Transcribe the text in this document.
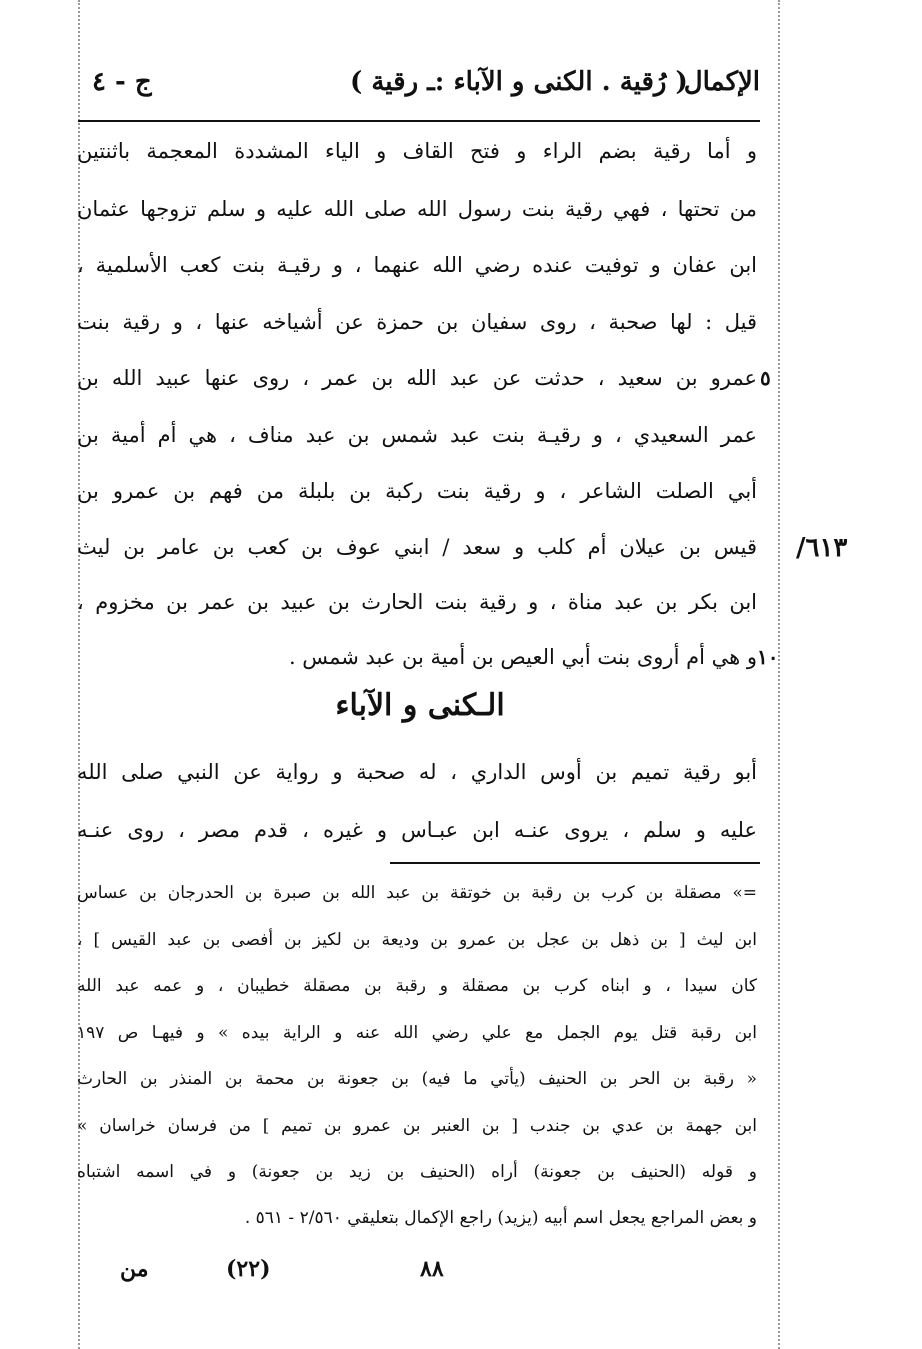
الإكمال
( رُقية . الكنى و الآباء :ـ رقية )
ج - ٤
و أما رقية بضم الراء و فتح القاف و الياء المشددة المعجمة باثنتين
من تحتها ، فهي رقية بنت رسول الله صلى الله عليه و سلم تزوجها عثمان
ابن عفان و توفيت عنده رضي الله عنهما ، و رقيـة بنت كعب الأسلمية ،
قيل : لها صحبة ، روى سفيان بن حمزة عن أشياخه عنها ، و رقية بنت
عمرو بن سعيد ، حدثت عن عبد الله بن عمر ، روى عنها عبيد الله بن
عمر السعيدي ، و رقيـة بنت عبد شمس بن عبد مناف ، هي أم أمية بن
أبي الصلت الشاعر ، و رقية بنت ركبة بن بلبلة من فهم بن عمرو بن
قيس بن عيلان أم كلب و سعد / ابني عوف بن كعب بن عامر بن ليث
ابن بكر بن عبد مناة ، و رقية بنت الحارث بن عبيد بن عمر بن مخزوم ،
و هي أم أروى بنت أبي العيص بن أمية بن عبد شمس .
٥
١٠
٦١٣/
الـكنى و الآباء
أبو رقية تميم بن أوس الداري ، له صحبة و رواية عن النبي صلى الله
عليه و سلم ، يروى عنـه ابن عبـاس و غيره ، قدم مصر ، روى عنـه
=» مصقلة بن كرب بن رقبة بن خوتقة بن عبد الله بن صبرة بن الحدرجان بن عساس
ابن ليث [ بن ذهل بن عجل بن عمرو بن وديعة بن لكيز بن أفصى بن عبد القيس ] ،
كان سيدا ، و ابناه كرب بن مصقلة و رقبة بن مصقلة خطيبان ، و عمه عبد الله
ابن رقبة قتل يوم الجمل مع علي رضي الله عنه و الراية بيده » و فيهـا ص ١٩٧
« رقبة بن الحر بن الحنيف (يأتي ما فيه) بن جعونة بن محمة بن المنذر بن الحارث
ابن جهمة بن عدي بن جندب [ بن العنبر بن عمرو بن تميم ] من فرسان خراسان »
و قوله (الحنيف بن جعونة) أراه (الحنيف بن زيد بن جعونة) و في اسمه اشتباه
و بعض المراجع يجعل اسم أبيه (يزيد) راجع الإكمال بتعليقي ٢/٥٦٠ - ٥٦١ .
٨٨
(٢٢)
من
